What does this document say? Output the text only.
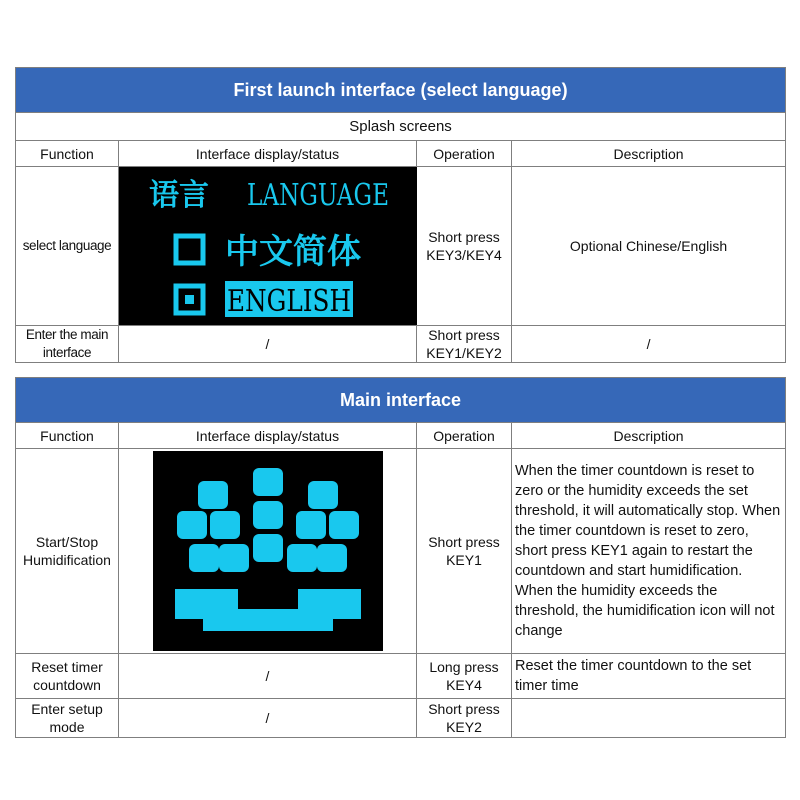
First launch interface (select language)			
Splash screens			
Function	Interface display/status	Operation	Description
select language	语言 LANGUAGE
中文简体
ENGLISH	Short press KEY3/KEY4	Optional Chinese/English
Enter the main interface	/	Short press KEY1/KEY2	/
Main interface			
Function	Interface display/status	Operation	Description
Start/Stop Humidification		Short press KEY1	When the timer countdown is reset to zero or the humidity exceeds the set threshold, it will automatically stop. When the timer countdown is reset to zero, short press KEY1 again to restart the countdown and start humidification. When the humidity exceeds the threshold, the humidification icon will not change
Reset timer countdown	/	Long press KEY4	Reset the timer countdown to the set timer time
Enter setup mode	/	Short press KEY2	
